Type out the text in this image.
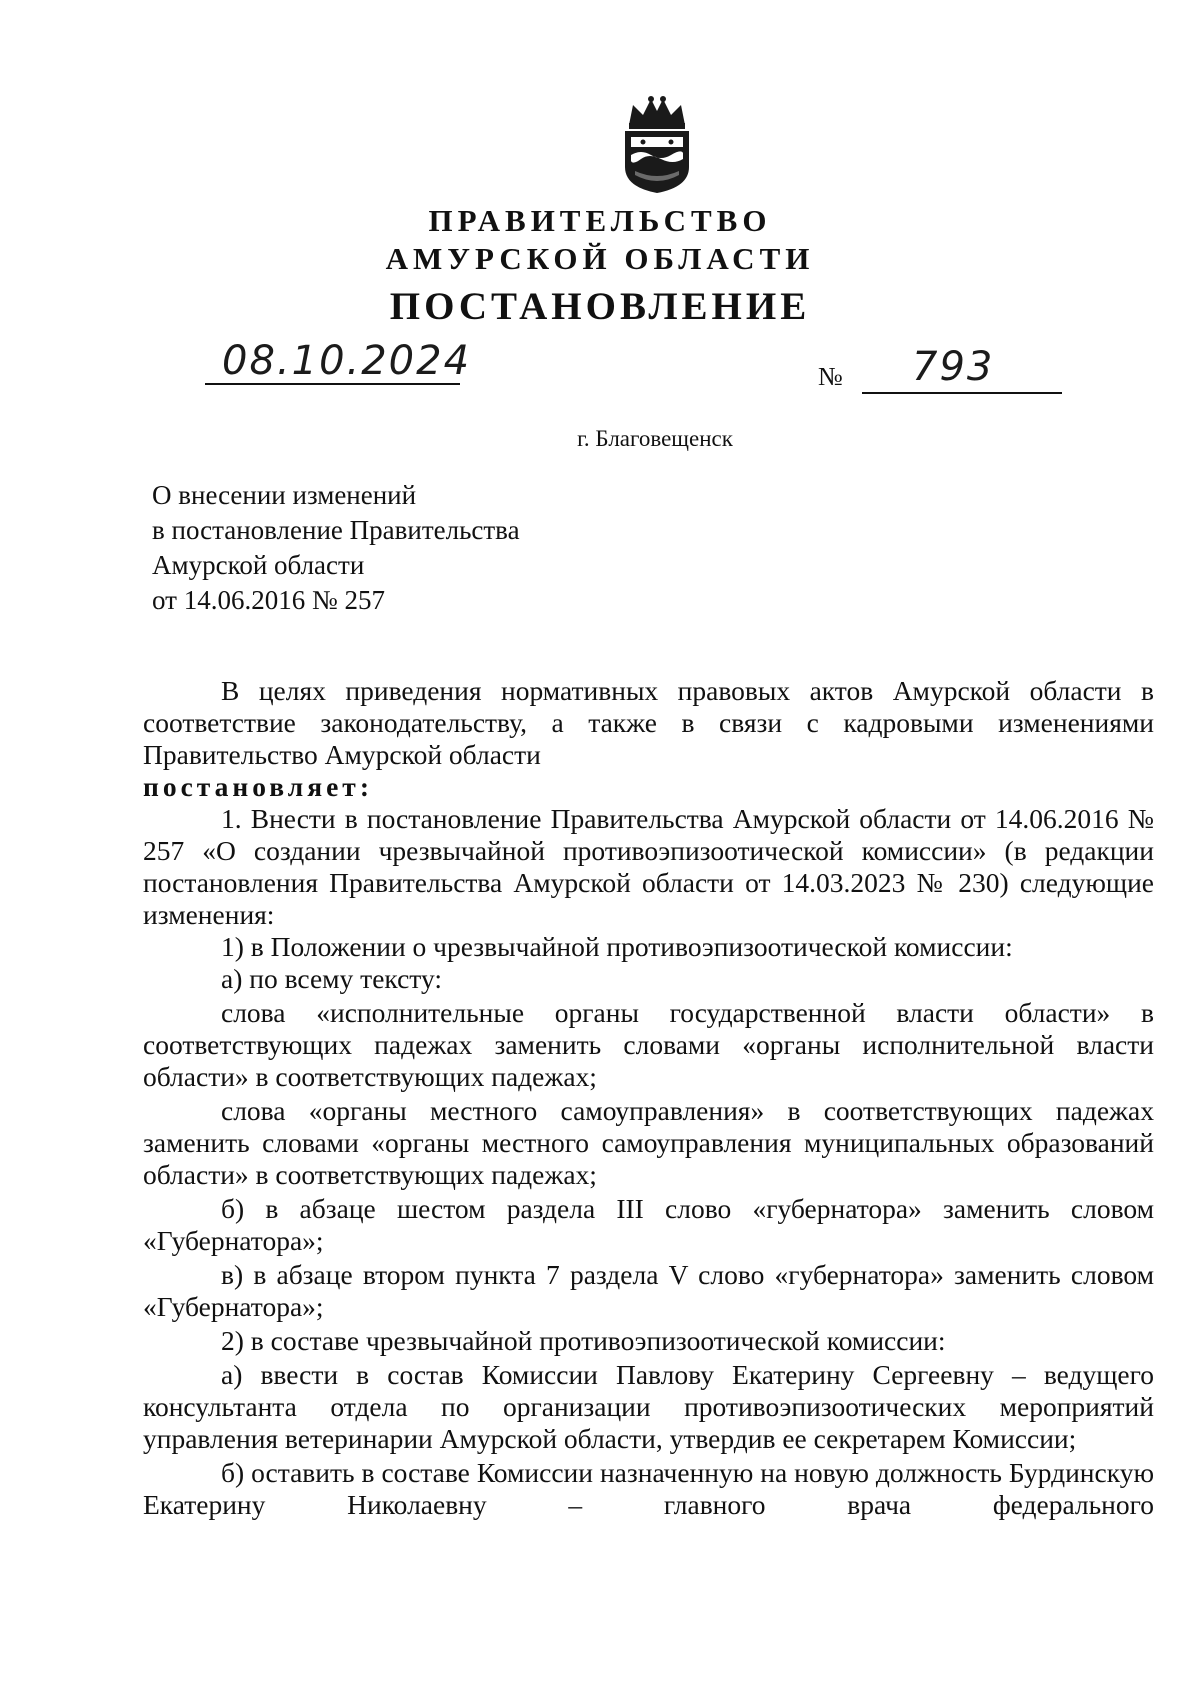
ПРАВИТЕЛЬСТВО
АМУРСКОЙ ОБЛАСТИ
ПОСТАНОВЛЕНИЕ
08.10.2024	№ 793
г. Благовещенск
О внесении изменений
в постановление Правительства
Амурской области
от 14.06.2016 № 257

В целях приведения нормативных правовых актов Амурской области в соответствие законодательству, а также в связи с кадровыми изменениями Правительство Амурской области

постановляет:

1. Внести в постановление Правительства Амурской области от 14.06.2016 № 257 «О создании чрезвычайной противоэпизоотической комиссии» (в редакции постановления Правительства Амурской области от 14.03.2023 № 230) следующие изменения:

1) в Положении о чрезвычайной противоэпизоотической комиссии:

а) по всему тексту:

слова «исполнительные органы государственной власти области» в соответствующих падежах заменить словами «органы исполнительной власти области» в соответствующих падежах;

слова «органы местного самоуправления» в соответствующих падежах заменить словами «органы местного самоуправления муниципальных образований области» в соответствующих падежах;

б) в абзаце шестом раздела III слово «губернатора» заменить словом «Губернатора»;

в) в абзаце втором пункта 7 раздела V слово «губернатора» заменить словом «Губернатора»;

2) в составе чрезвычайной противоэпизоотической комиссии:

а) ввести в состав Комиссии Павлову Екатерину Сергеевну – ведущего консультанта отдела по организации противоэпизоотических мероприятий управления ветеринарии Амурской области, утвердив ее секретарем Комиссии;

б) оставить в составе Комиссии назначенную на новую должность Бурдинскую Екатерину Николаевну – главного врача федерального
